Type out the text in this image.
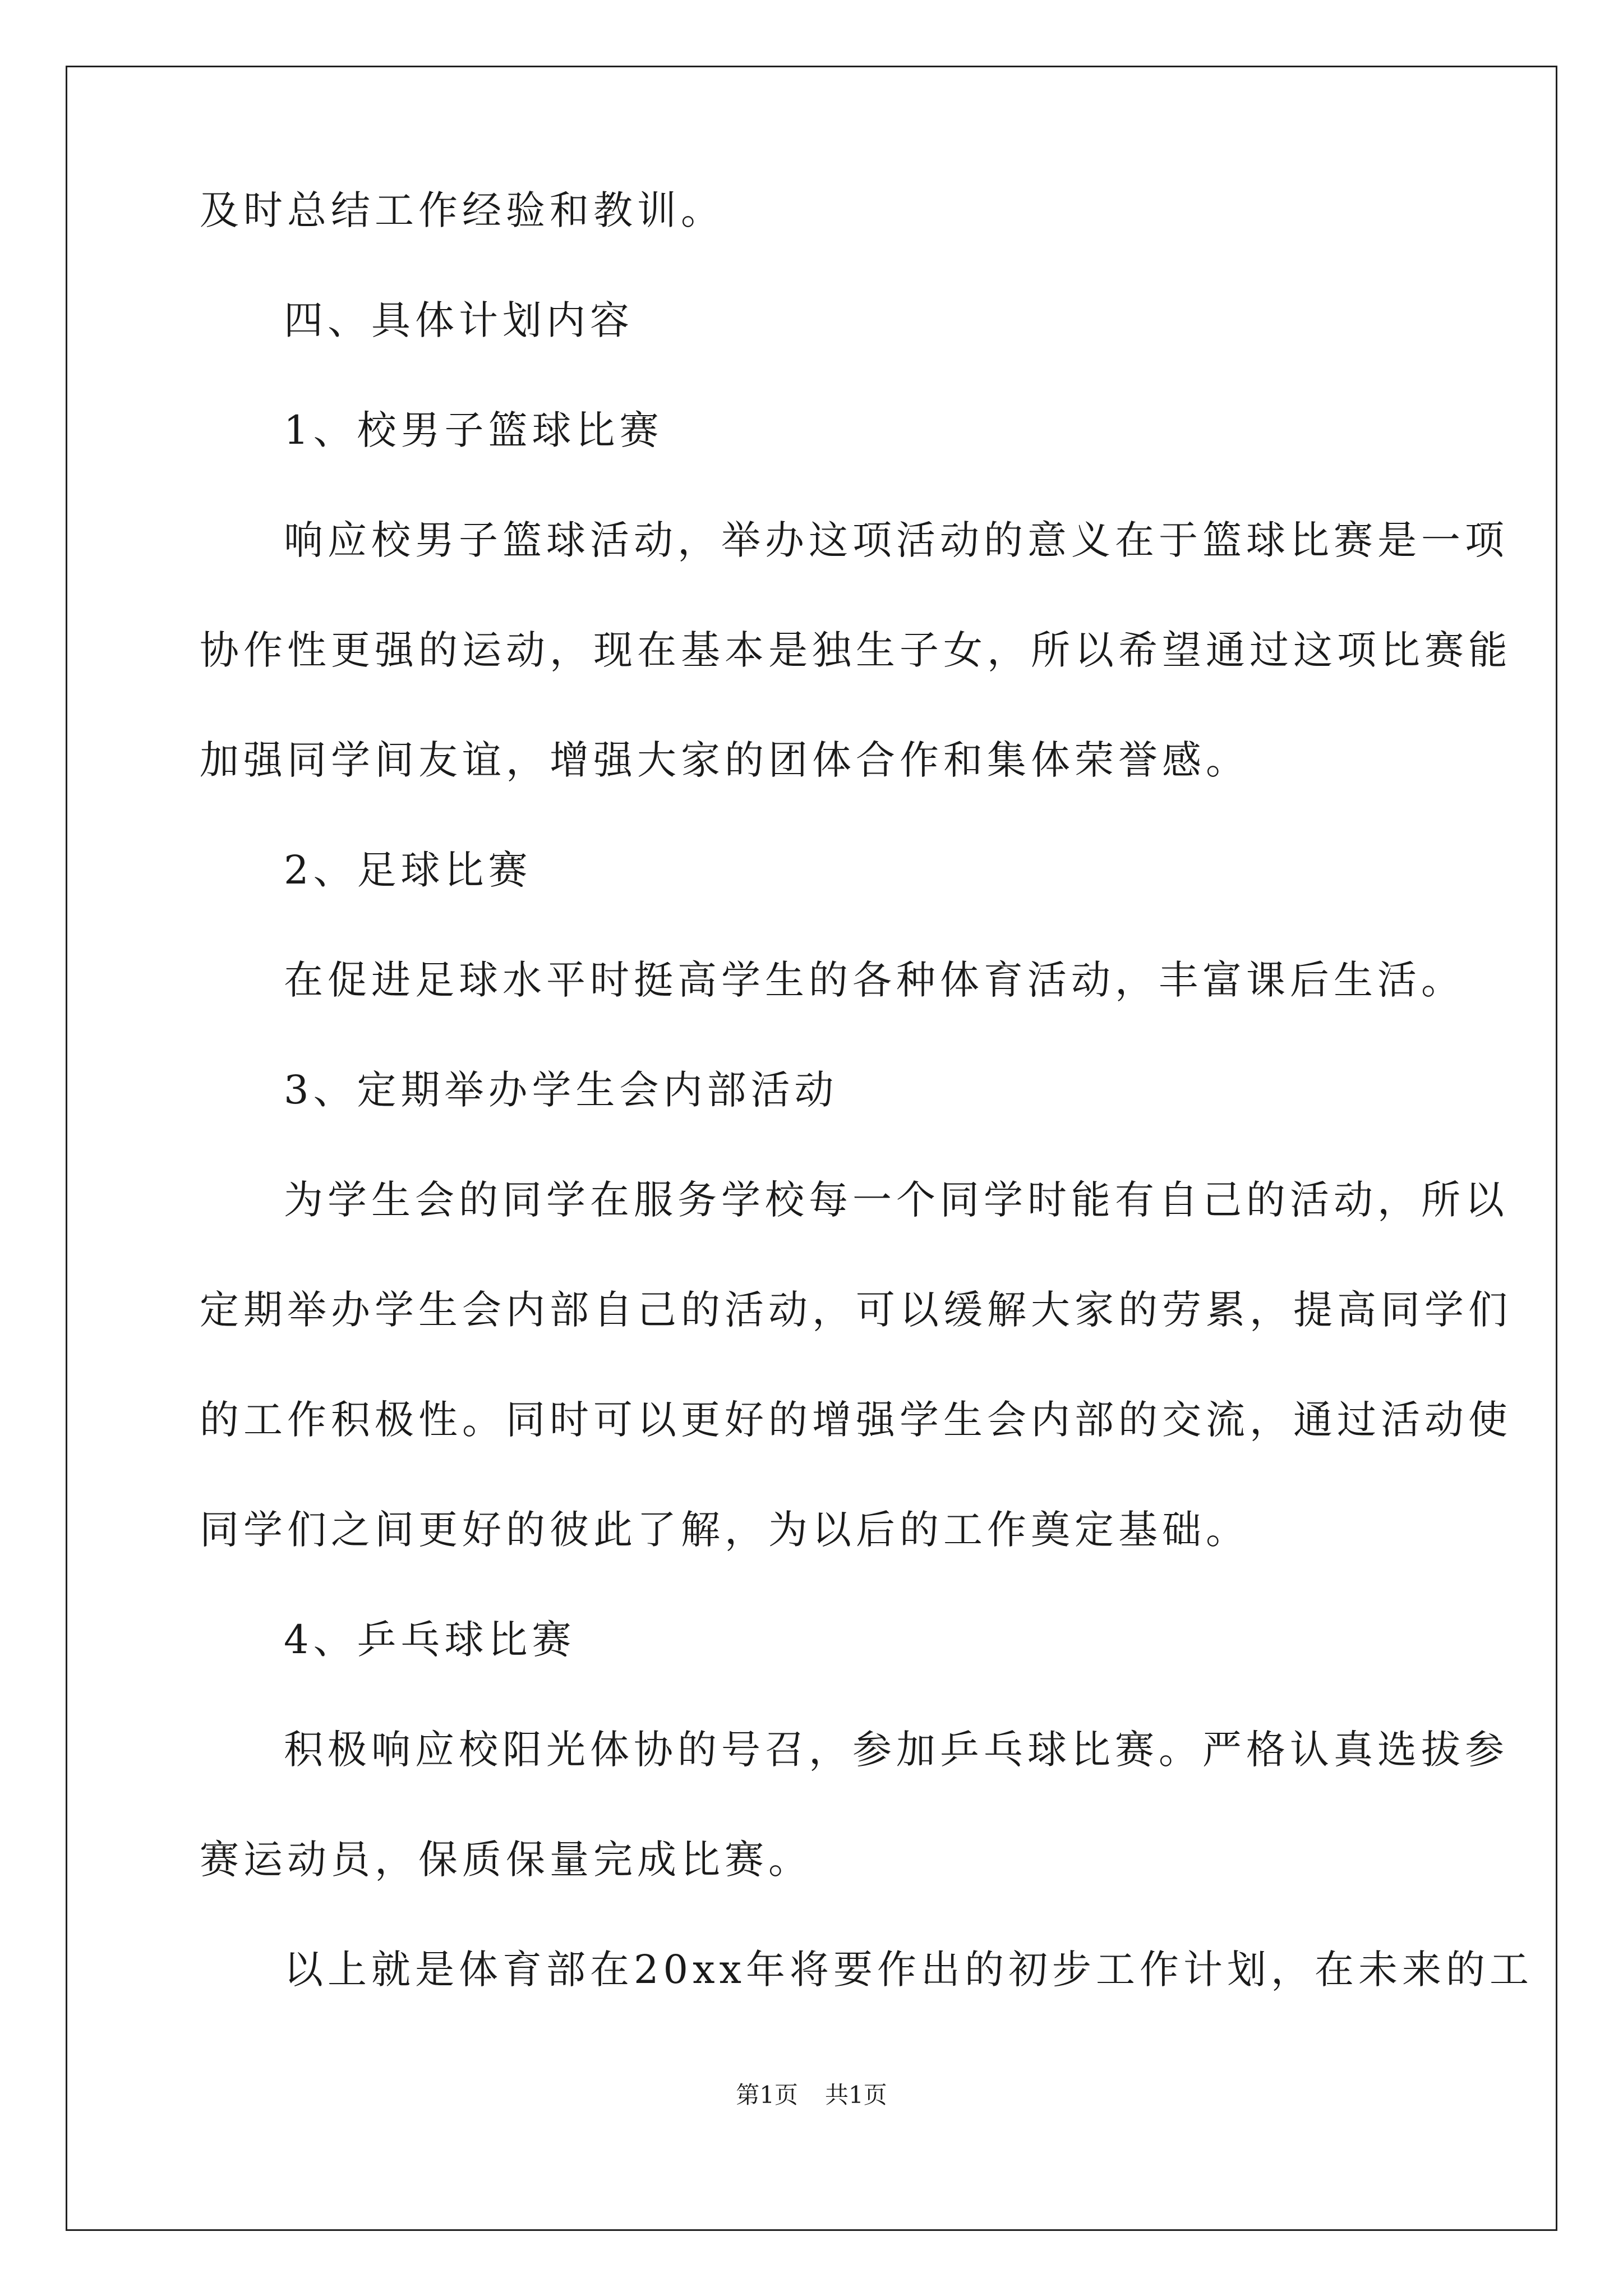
及时总结工作经验和教训。
四、具体计划内容
1、校男子篮球比赛
响应校男子篮球活动，举办这项活动的意义在于篮球比赛是一项
协作性更强的运动，现在基本是独生子女，所以希望通过这项比赛能
加强同学间友谊，增强大家的团体合作和集体荣誉感。
2、足球比赛
在促进足球水平时挺高学生的各种体育活动，丰富课后生活。
3、定期举办学生会内部活动
为学生会的同学在服务学校每一个同学时能有自己的活动，所以
定期举办学生会内部自己的活动，可以缓解大家的劳累，提高同学们
的工作积极性。同时可以更好的增强学生会内部的交流，通过活动使
同学们之间更好的彼此了解，为以后的工作奠定基础。
4、乒乓球比赛
积极响应校阳光体协的号召，参加乒乓球比赛。严格认真选拔参
赛运动员，保质保量完成比赛。
以上就是体育部在20xx年将要作出的初步工作计划，在未来的工
第1页 共1页
